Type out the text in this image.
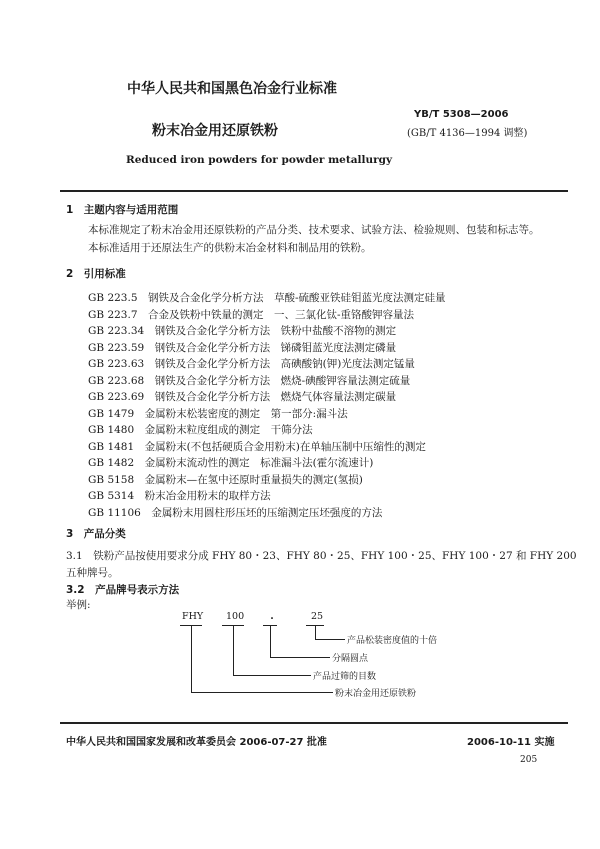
中华人民共和国黑色冶金行业标准
粉末冶金用还原铁粉
Reduced iron powders for powder metallurgy
YB/T 5308—2006
(GB/T 4136—1994 调整)
1　主题内容与适用范围
本标准规定了粉末冶金用还原铁粉的产品分类、技术要求、试验方法、检验规则、包装和标志等。
本标准适用于还原法生产的供粉末冶金材料和制品用的铁粉。
2　引用标准
GB 223.5　钢铁及合金化学分析方法　草酸-硫酸亚铁硅钼蓝光度法测定硅量
GB 223.7　合金及铁粉中铁量的测定　一、三氯化钛-重铬酸钾容量法
GB 223.34　钢铁及合金化学分析方法　铁粉中盐酸不溶物的测定
GB 223.59　钢铁及合金化学分析方法　锑磷钼蓝光度法测定磷量
GB 223.63　钢铁及合金化学分析方法　高碘酸钠(钾)光度法测定锰量
GB 223.68　钢铁及合金化学分析方法　燃烧-碘酸钾容量法测定硫量
GB 223.69　钢铁及合金化学分析方法　燃烧气体容量法测定碳量
GB 1479　金属粉末松装密度的测定　第一部分:漏斗法
GB 1480　金属粉末粒度组成的测定　干筛分法
GB 1481　金属粉末(不包括硬质合金用粉末)在单轴压制中压缩性的测定
GB 1482　金属粉末流动性的测定　标准漏斗法(霍尔流速计)
GB 5158　金属粉末—在氢中还原时重量损失的测定(氢损)
GB 5314　粉末冶金用粉末的取样方法
GB 11106　金属粉末用圆柱形压坯的压缩测定压坯强度的方法
3　产品分类
3.1　铁粉产品按使用要求分成 FHY 80・23、FHY 80・25、FHY 100・25、FHY 100・27 和 FHY 200
五种牌号。
3.2　产品牌号表示方法
举例:
FHY 100 ・	25
产品松装密度值的十倍
分隔圆点
产品过筛的目数
粉末冶金用还原铁粉
中华人民共和国国家发展和改革委员会 2006-07-27 批准	2006-10-11 实施
205
